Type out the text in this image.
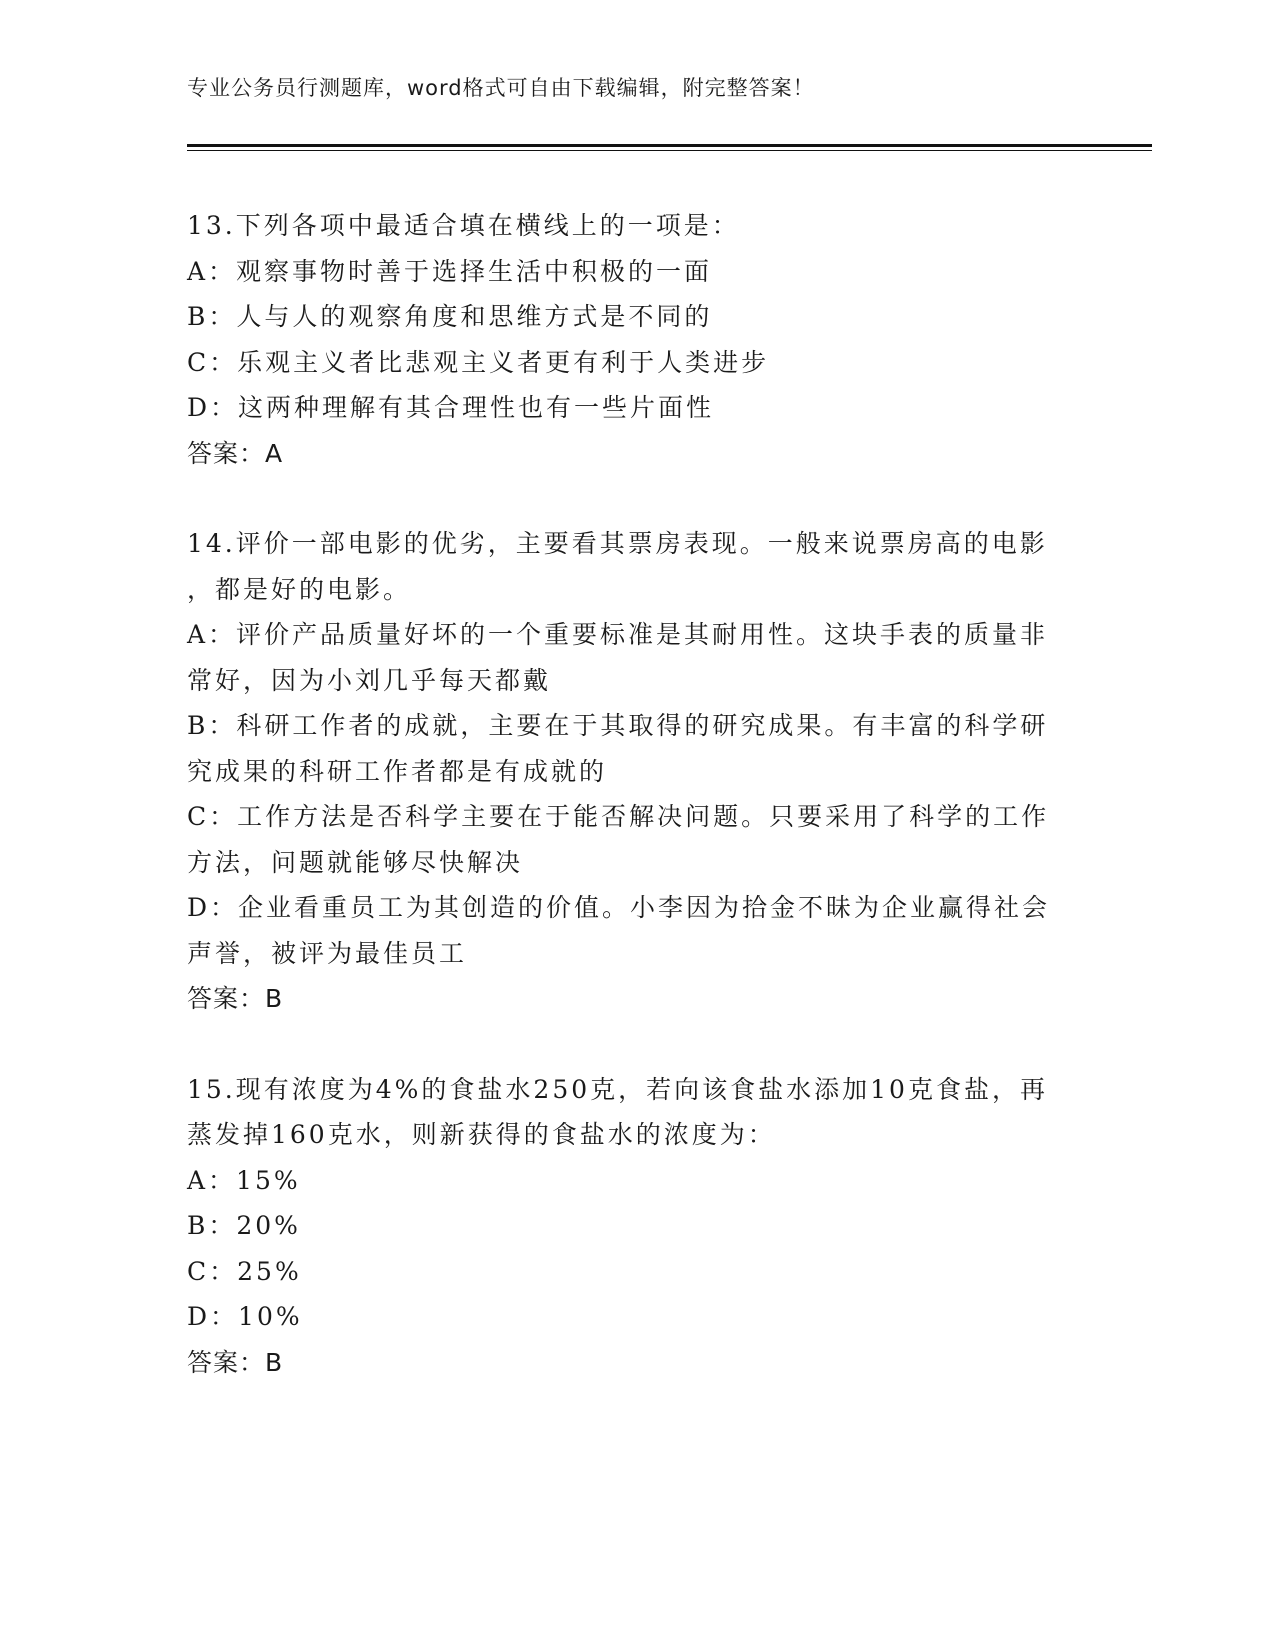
专业公务员行测题库，word格式可自由下载编辑，附完整答案！
13.下列各项中最适合填在横线上的一项是：
A：观察事物时善于选择生活中积极的一面
B：人与人的观察角度和思维方式是不同的
C：乐观主义者比悲观主义者更有利于人类进步
D：这两种理解有其合理性也有一些片面性
答案：A
14.评价一部电影的优劣，主要看其票房表现。一般来说票房高的电影
，都是好的电影。
A：评价产品质量好坏的一个重要标准是其耐用性。这块手表的质量非
常好，因为小刘几乎每天都戴
B：科研工作者的成就，主要在于其取得的研究成果。有丰富的科学研
究成果的科研工作者都是有成就的
C：工作方法是否科学主要在于能否解决问题。只要采用了科学的工作
方法，问题就能够尽快解决
D：企业看重员工为其创造的价值。小李因为拾金不昧为企业赢得社会
声誉，被评为最佳员工
答案：B
15.现有浓度为4%的食盐水250克，若向该食盐水添加10克食盐，再
蒸发掉160克水，则新获得的食盐水的浓度为：
A：15%
B：20%
C：25%
D：10%
答案：B
